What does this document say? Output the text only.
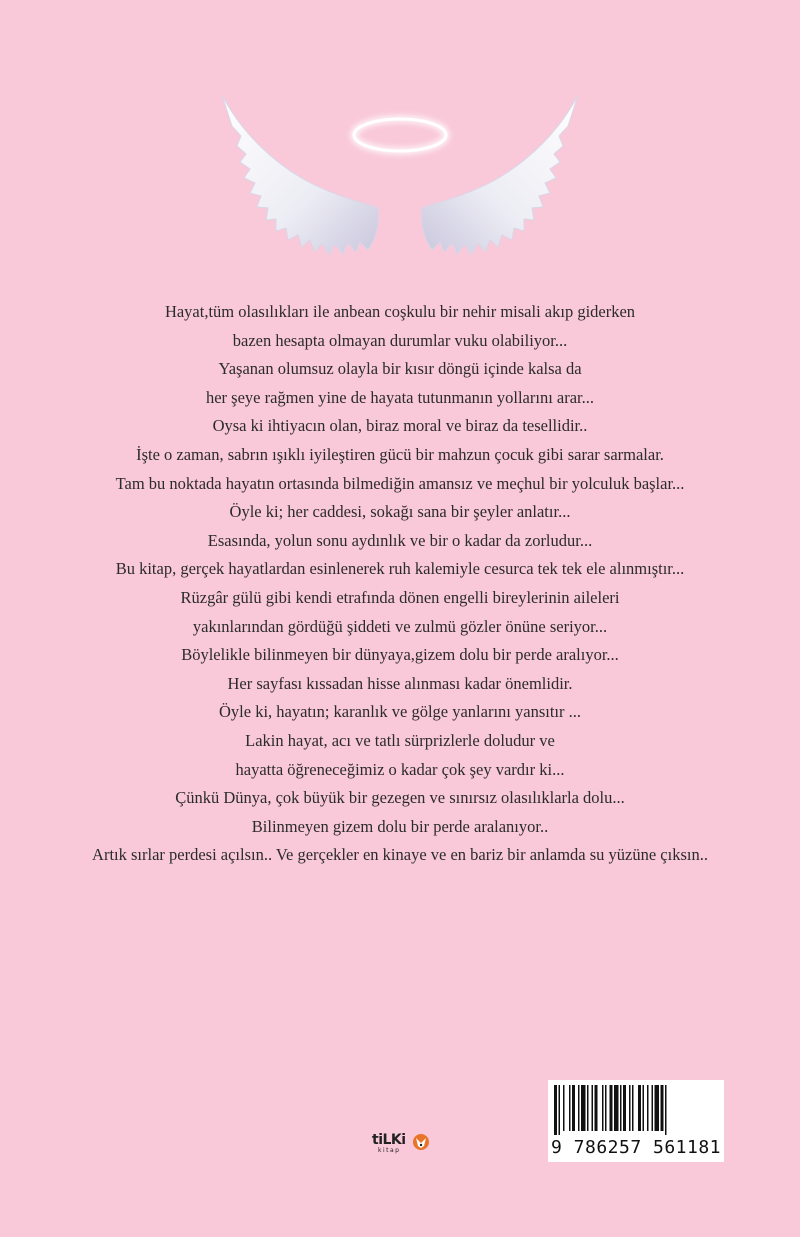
Hayat,tüm olasılıkları ile anbean coşkulu bir nehir misali akıp giderken
bazen hesapta olmayan durumlar vuku olabiliyor...
Yaşanan olumsuz olayla bir kısır döngü içinde kalsa da
her şeye rağmen yine de hayata tutunmanın yollarını arar...
Oysa ki ihtiyacın olan, biraz moral ve biraz da tesellidir..
İşte o zaman, sabrın ışıklı iyileştiren gücü bir mahzun çocuk gibi sarar sarmalar.
Tam bu noktada hayatın ortasında bilmediğin amansız ve meçhul bir yolculuk başlar...
Öyle ki; her caddesi, sokağı sana bir şeyler anlatır...
Esasında, yolun sonu aydınlık ve bir o kadar da zorludur...
Bu kitap, gerçek hayatlardan esinlenerek ruh kalemiyle cesurca tek tek ele alınmıştır...
Rüzgâr gülü gibi kendi etrafında dönen engelli bireylerinin aileleri
yakınlarından gördüğü şiddeti ve zulmü gözler önüne seriyor...
Böylelikle bilinmeyen bir dünyaya,gizem dolu bir perde aralıyor...
Her sayfası kıssadan hisse alınması kadar önemlidir.
Öyle ki, hayatın; karanlık ve gölge yanlarını yansıtır ...
Lakin hayat, acı ve tatlı sürprizlerle doludur ve
hayatta öğreneceğimiz o kadar çok şey vardır ki...
Çünkü Dünya, çok büyük bir gezegen ve sınırsız olasılıklarla dolu...
Bilinmeyen gizem dolu bir perde aralanıyor..
Artık sırlar perdesi açılsın.. Ve gerçekler en kinaye ve en bariz bir anlamda su yüzüne çıksın..
tiLKi
kitap	9 786257 561181
